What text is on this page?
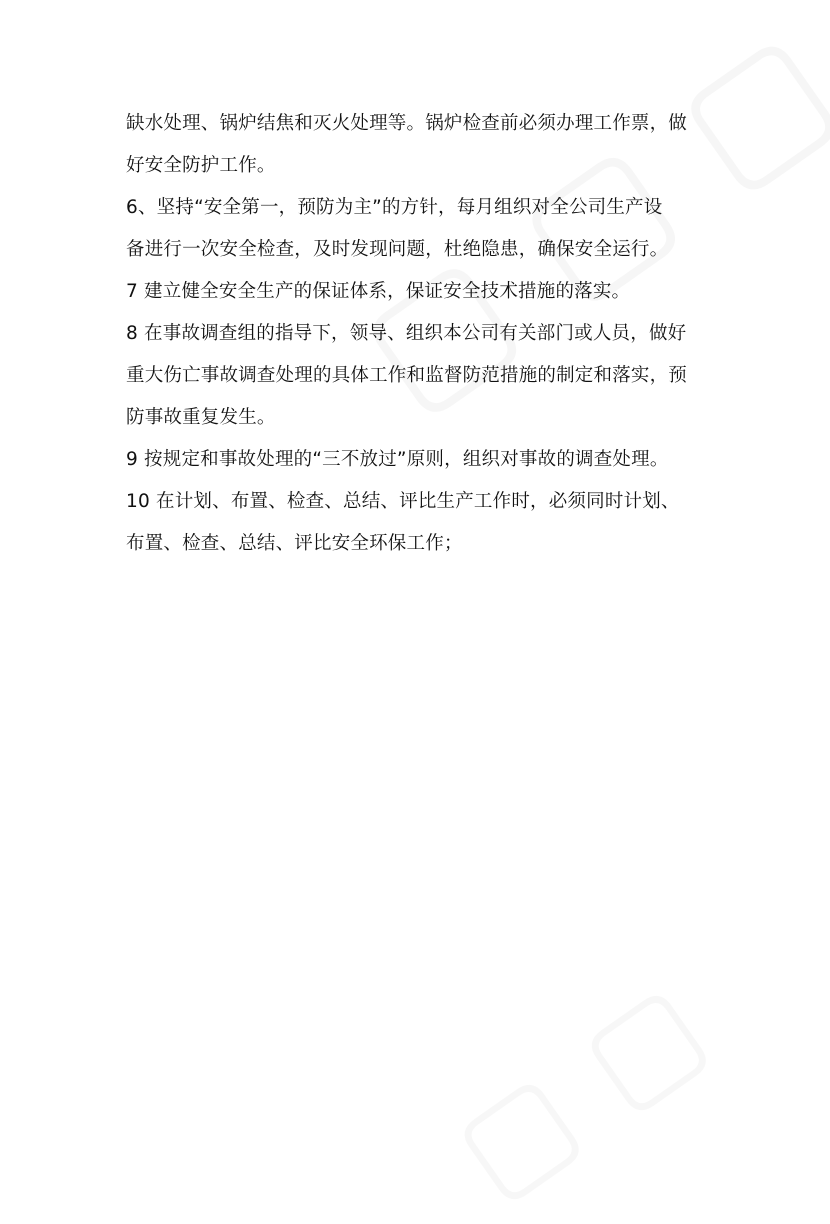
缺水处理、锅炉结焦和灭火处理等。锅炉检查前必须办理工作票，做
好安全防护工作。
6、坚持“安全第一，预防为主”的方针，每月组织对全公司生产设
备进行一次安全检查，及时发现问题，杜绝隐患，确保安全运行。
7 建立健全安全生产的保证体系，保证安全技术措施的落实。
8 在事故调查组的指导下，领导、组织本公司有关部门或人员，做好
重大伤亡事故调查处理的具体工作和监督防范措施的制定和落实，预
防事故重复发生。
9 按规定和事故处理的“三不放过”原则，组织对事故的调查处理。
10 在计划、布置、检查、总结、评比生产工作时，必须同时计划、
布置、检查、总结、评比安全环保工作；
